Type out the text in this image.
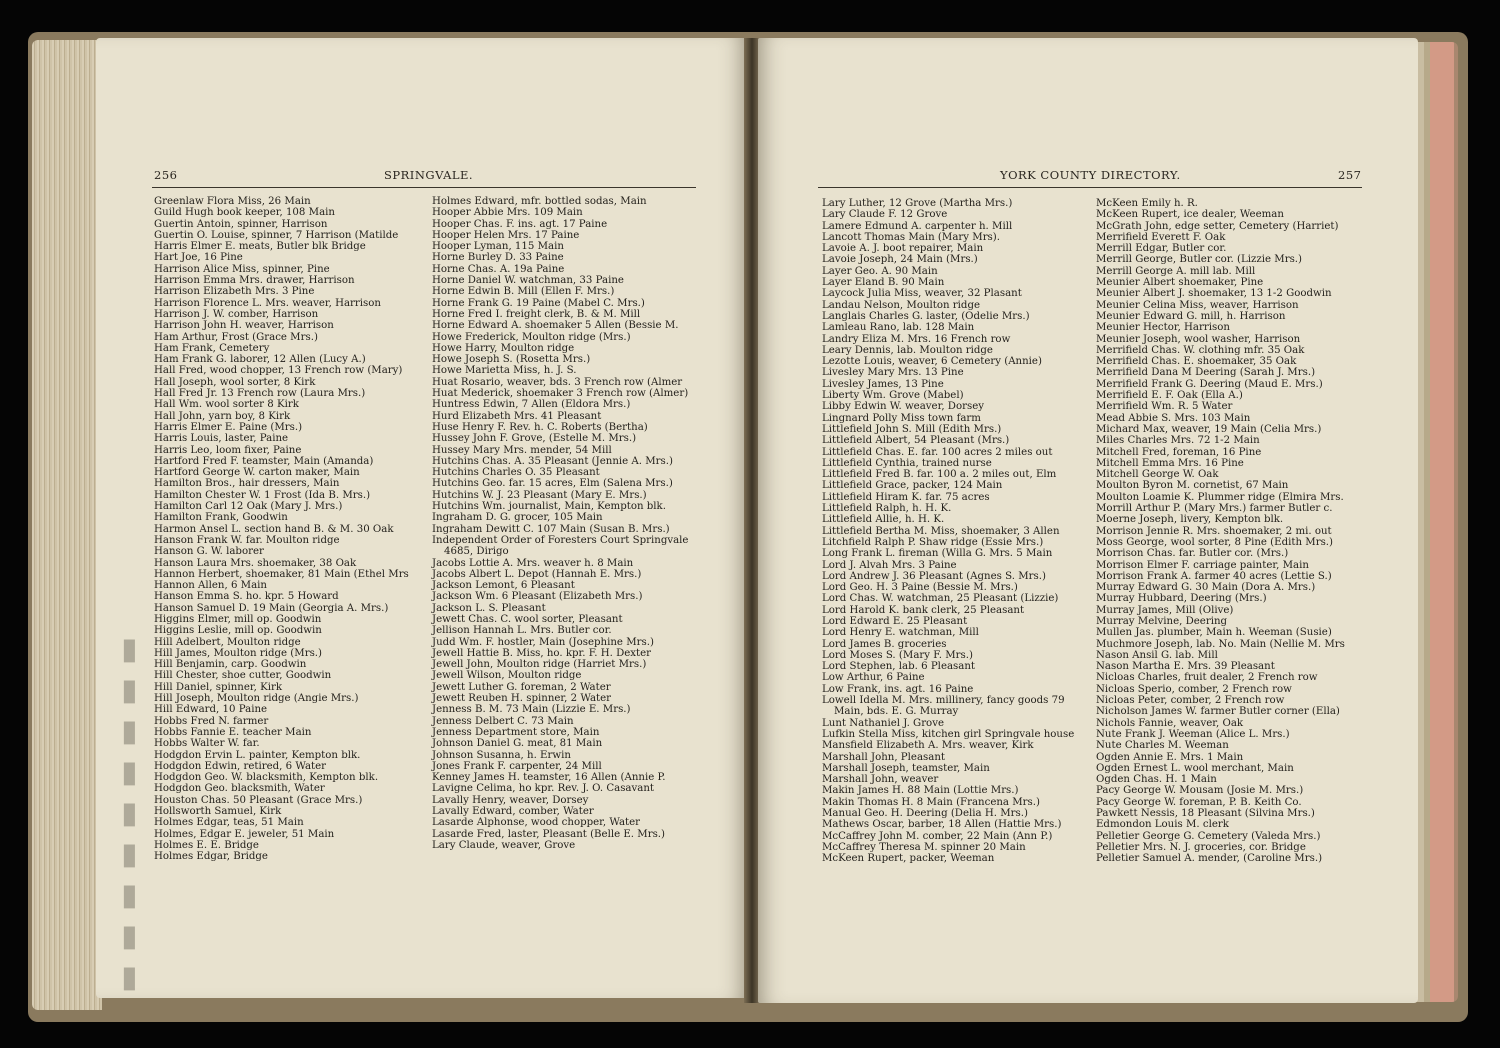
▮▮▮▮▮▮▮▮▮
256	SPRINGVALE.
Greenlaw Flora Miss, 26 Main
Guild Hugh book keeper, 108 Main
Guertin Antoin, spinner, Harrison
Guertin O. Louise, spinner, 7 Harrison (Matilde
Harris Elmer E. meats, Butler blk Bridge
Hart Joe, 16 Pine
Harrison Alice Miss, spinner, Pine
Harrison Emma Mrs. drawer, Harrison
Harrison Elizabeth Mrs. 3 Pine
Harrison Florence L. Mrs. weaver, Harrison
Harrison J. W. comber, Harrison
Harrison John H. weaver, Harrison
Ham Arthur, Frost (Grace Mrs.)
Ham Frank, Cemetery
Ham Frank G. laborer, 12 Allen (Lucy A.)
Hall Fred, wood chopper, 13 French row (Mary)
Hall Joseph, wool sorter, 8 Kirk
Hall Fred Jr. 13 French row (Laura Mrs.)
Hall Wm. wool sorter 8 Kirk
Hall John, yarn boy, 8 Kirk
Harris Elmer E. Paine (Mrs.)
Harris Louis, laster, Paine
Harris Leo, loom fixer, Paine
Hartford Fred F. teamster, Main (Amanda)
Hartford George W. carton maker, Main
Hamilton Bros., hair dressers, Main
Hamilton Chester W. 1 Frost (Ida B. Mrs.)
Hamilton Carl 12 Oak (Mary J. Mrs.)
Hamilton Frank, Goodwin
Harmon Ansel L. section hand B. & M. 30 Oak
Hanson Frank W. far. Moulton ridge
Hanson G. W. laborer
Hanson Laura Mrs. shoemaker, 38 Oak
Hannon Herbert, shoemaker, 81 Main (Ethel Mrs
Hannon Allen, 6 Main
Hanson Emma S. ho. kpr. 5 Howard
Hanson Samuel D. 19 Main (Georgia A. Mrs.)
Higgins Elmer, mill op. Goodwin
Higgins Leslie, mill op. Goodwin
Hill Adelbert, Moulton ridge
Hill James, Moulton ridge (Mrs.)
Hill Benjamin, carp. Goodwin
Hill Chester, shoe cutter, Goodwin
Hill Daniel, spinner, Kirk
Hill Joseph, Moulton ridge (Angie Mrs.)
Hill Edward, 10 Paine
Hobbs Fred N. farmer
Hobbs Fannie E. teacher Main
Hobbs Walter W. far.
Hodgdon Ervin L. painter, Kempton blk.
Hodgdon Edwin, retired, 6 Water
Hodgdon Geo. W. blacksmith, Kempton blk.
Hodgdon Geo. blacksmith, Water
Houston Chas. 50 Pleasant (Grace Mrs.)
Hollsworth Samuel, Kirk
Holmes Edgar, teas, 51 Main
Holmes, Edgar E. jeweler, 51 Main
Holmes E. E. Bridge
Holmes Edgar, Bridge
Holmes Edward, mfr. bottled sodas, Main
Hooper Abbie Mrs. 109 Main
Hooper Chas. F. ins. agt. 17 Paine
Hooper Helen Mrs. 17 Paine
Hooper Lyman, 115 Main
Horne Burley D. 33 Paine
Horne Chas. A. 19a Paine
Horne Daniel W. watchman, 33 Paine
Horne Edwin B. Mill (Ellen F. Mrs.)
Horne Frank G. 19 Paine (Mabel C. Mrs.)
Horne Fred I. freight clerk, B. & M. Mill
Horne Edward A. shoemaker 5 Allen (Bessie M.
Howe Frederick, Moulton ridge (Mrs.)
Howe Harry, Moulton ridge
Howe Joseph S. (Rosetta Mrs.)
Howe Marietta Miss, h. J. S.
Huat Rosario, weaver, bds. 3 French row (Almer
Huat Mederick, shoemaker 3 French row (Almer)
Huntress Edwin, 7 Allen (Eldora Mrs.)
Hurd Elizabeth Mrs. 41 Pleasant
Huse Henry F. Rev. h. C. Roberts (Bertha)
Hussey John F. Grove, (Estelle M. Mrs.)
Hussey Mary Mrs. mender, 54 Mill
Hutchins Chas. A. 35 Pleasant (Jennie A. Mrs.)
Hutchins Charles O. 35 Pleasant
Hutchins Geo. far. 15 acres, Elm (Salena Mrs.)
Hutchins W. J. 23 Pleasant (Mary E. Mrs.)
Hutchins Wm. journalist, Main, Kempton blk.
Ingraham D. G. grocer, 105 Main
Ingraham Dewitt C. 107 Main (Susan B. Mrs.)
Independent Order of Foresters Court Springvale
4685, Dirigo
Jacobs Lottie A. Mrs. weaver h. 8 Main
Jacobs Albert L. Depot (Hannah E. Mrs.)
Jackson Lemont, 6 Pleasant
Jackson Wm. 6 Pleasant (Elizabeth Mrs.)
Jackson L. S. Pleasant
Jewett Chas. C. wool sorter, Pleasant
Jellison Hannah L. Mrs. Butler cor.
Judd Wm. F. hostler, Main (Josephine Mrs.)
Jewell Hattie B. Miss, ho. kpr. F. H. Dexter
Jewell John, Moulton ridge (Harriet Mrs.)
Jewell Wilson, Moulton ridge
Jewett Luther G. foreman, 2 Water
Jewett Reuben H. spinner, 2 Water
Jenness B. M. 73 Main (Lizzie E. Mrs.)
Jenness Delbert C. 73 Main
Jenness Department store, Main
Johnson Daniel G. meat, 81 Main
Johnson Susanna, h. Erwin
Jones Frank F. carpenter, 24 Mill
Kenney James H. teamster, 16 Allen (Annie P.
Lavigne Celima, ho kpr. Rev. J. O. Casavant
Lavally Henry, weaver, Dorsey
Lavally Edward, comber, Water
Lasarde Alphonse, wood chopper, Water
Lasarde Fred, laster, Pleasant (Belle E. Mrs.)
Lary Claude, weaver, Grove
YORK COUNTY DIRECTORY.	257
Lary Luther, 12 Grove (Martha Mrs.)
Lary Claude F. 12 Grove
Lamere Edmund A. carpenter h. Mill
Lancott Thomas Main (Mary Mrs).
Lavoie A. J. boot repairer, Main
Lavoie Joseph, 24 Main (Mrs.)
Layer Geo. A. 90 Main
Layer Eland B. 90 Main
Laycock Julia Miss, weaver, 32 Plasant
Landau Nelson, Moulton ridge
Langlais Charles G. laster, (Odelie Mrs.)
Lamleau Rano, lab. 128 Main
Landry Eliza M. Mrs. 16 French row
Leary Dennis, lab. Moulton ridge
Lezotte Louis, weaver, 6 Cemetery (Annie)
Livesley Mary Mrs. 13 Pine
Livesley James, 13 Pine
Liberty Wm. Grove (Mabel)
Libby Edwin W. weaver, Dorsey
Lingnard Polly Miss town farm
Littlefield John S. Mill (Edith Mrs.)
Littlefield Albert, 54 Pleasant (Mrs.)
Littlefield Chas. E. far. 100 acres 2 miles out
Littlefield Cynthia, trained nurse
Littlefield Fred B. far. 100 a. 2 miles out, Elm
Littlefield Grace, packer, 124 Main
Littlefield Hiram K. far. 75 acres
Littlefield Ralph, h. H. K.
Littlefield Allie, h. H. K.
Littlefield Bertha M. Miss, shoemaker, 3 Allen
Litchfield Ralph P. Shaw ridge (Essie Mrs.)
Long Frank L. fireman (Willa G. Mrs. 5 Main
Lord J. Alvah Mrs. 3 Paine
Lord Andrew J. 36 Pleasant (Agnes S. Mrs.)
Lord Geo. H. 3 Paine (Bessie M. Mrs.)
Lord Chas. W. watchman, 25 Pleasant (Lizzie)
Lord Harold K. bank clerk, 25 Pleasant
Lord Edward E. 25 Pleasant
Lord Henry E. watchman, Mill
Lord James B. groceries
Lord Moses S. (Mary F. Mrs.)
Lord Stephen, lab. 6 Pleasant
Low Arthur, 6 Paine
Low Frank, ins. agt. 16 Paine
Lowell Idella M. Mrs. millinery, fancy goods 79
Main, bds. E. G. Murray
Lunt Nathaniel J. Grove
Lufkin Stella Miss, kitchen girl Springvale house
Mansfield Elizabeth A. Mrs. weaver, Kirk
Marshall John, Pleasant
Marshall Joseph, teamster, Main
Marshall John, weaver
Makin James H. 88 Main (Lottie Mrs.)
Makin Thomas H. 8 Main (Francena Mrs.)
Manual Geo. H. Deering (Delia H. Mrs.)
Mathews Oscar, barber, 18 Allen (Hattie Mrs.)
McCaffrey John M. comber, 22 Main (Ann P.)
McCaffrey Theresa M. spinner 20 Main
McKeen Rupert, packer, Weeman
McKeen Emily h. R.
McKeen Rupert, ice dealer, Weeman
McGrath John, edge setter, Cemetery (Harriet)
Merrifield Everett F. Oak
Merrill Edgar, Butler cor.
Merrill George, Butler cor. (Lizzie Mrs.)
Merrill George A. mill lab. Mill
Meunier Albert shoemaker, Pine
Meunier Albert J. shoemaker, 13 1-2 Goodwin
Meunier Celina Miss, weaver, Harrison
Meunier Edward G. mill, h. Harrison
Meunier Hector, Harrison
Meunier Joseph, wool washer, Harrison
Merrifield Chas. W. clothing mfr. 35 Oak
Merrifield Chas. E. shoemaker, 35 Oak
Merrifield Dana M Deering (Sarah J. Mrs.)
Merrifield Frank G. Deering (Maud E. Mrs.)
Merrifield E. F. Oak (Ella A.)
Merrifield Wm. R. 5 Water
Mead Abbie S. Mrs. 103 Main
Michard Max, weaver, 19 Main (Celia Mrs.)
Miles Charles Mrs. 72 1-2 Main
Mitchell Fred, foreman, 16 Pine
Mitchell Emma Mrs. 16 Pine
Mitchell George W. Oak
Moulton Byron M. cornetist, 67 Main
Moulton Loamie K. Plummer ridge (Elmira Mrs.
Morrill Arthur P. (Mary Mrs.) farmer Butler c.
Moerne Joseph, livery, Kempton blk.
Morrison Jennie R. Mrs. shoemaker, 2 mi. out
Moss George, wool sorter, 8 Pine (Edith Mrs.)
Morrison Chas. far. Butler cor. (Mrs.)
Morrison Elmer F. carriage painter, Main
Morrison Frank A. farmer 40 acres (Lettie S.)
Murray Edward G. 30 Main (Dora A. Mrs.)
Murray Hubbard, Deering (Mrs.)
Murray James, Mill (Olive)
Murray Melvine, Deering
Mullen Jas. plumber, Main h. Weeman (Susie)
Muchmore Joseph, lab. No. Main (Nellie M. Mrs
Nason Ansil G. lab. Mill
Nason Martha E. Mrs. 39 Pleasant
Nicloas Charles, fruit dealer, 2 French row
Nicloas Sperio, comber, 2 French row
Nicloas Peter, comber, 2 French row
Nicholson James W. farmer Butler corner (Ella)
Nichols Fannie, weaver, Oak
Nute Frank J. Weeman (Alice L. Mrs.)
Nute Charles M. Weeman
Ogden Annie E. Mrs. 1 Main
Ogden Ernest L. wool merchant, Main
Ogden Chas. H. 1 Main
Pacy George W. Mousam (Josie M. Mrs.)
Pacy George W. foreman, P. B. Keith Co.
Pawkett Nessis, 18 Pleasant (Silvina Mrs.)
Edmondon Louis M. clerk
Pelletier George G. Cemetery (Valeda Mrs.)
Pelletier Mrs. N. J. groceries, cor. Bridge
Pelletier Samuel A. mender, (Caroline Mrs.)
